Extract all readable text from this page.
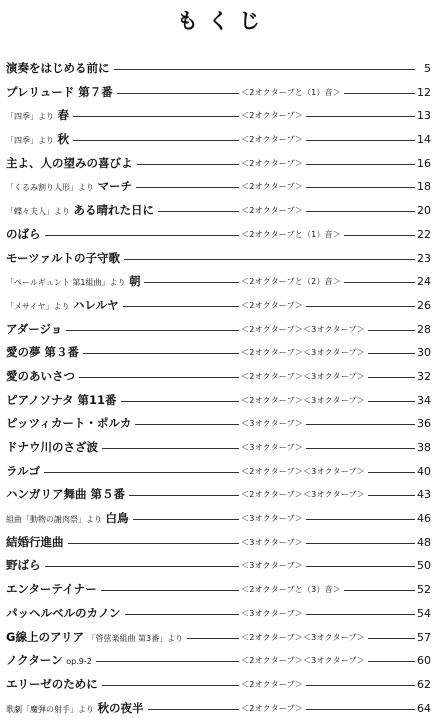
もくじ
演奏をはじめる前に	5
プレリュード 第７番	＜2オクターブと（1）音＞	12
「四季」より 春	＜2オクターブ＞	13
「四季」より 秋	＜2オクターブ＞	14
主よ、人の望みの喜びよ	＜2オクターブ＞	16
「くるみ割り人形」より マーチ	＜2オクターブ＞	18
「蝶々夫人」より ある晴れた日に	＜2オクターブ＞	20
のばら	＜2オクターブと（1）音＞	22
モーツァルトの子守歌	23
「ペールギュント 第1組曲」より 朝	＜2オクターブと（2）音＞	24
「メサイヤ」より ハレルヤ	＜2オクターブ＞	26
アダージョ	＜2オクターブ＞＜3オクターブ＞	28
愛の夢 第３番	＜2オクターブ＞＜3オクターブ＞	30
愛のあいさつ	＜2オクターブ＞＜3オクターブ＞	32
ピアノソナタ 第11番	＜2オクターブ＞＜3オクターブ＞	34
ピッツィカート・ポルカ	＜3オクターブ＞	36
ドナウ川のさざ波	＜3オクターブ＞	38
ラルゴ	＜2オクターブ＞＜3オクターブ＞	40
ハンガリア舞曲 第５番	＜2オクターブ＞＜3オクターブ＞	43
組曲「動物の謝肉祭」より 白鳥	＜3オクターブ＞	46
結婚行進曲	＜3オクターブ＞	48
野ばら	＜3オクターブ＞	50
エンターテイナー	＜2オクターブと（3）音＞	52
パッヘルベルのカノン	＜3オクターブ＞	54
G線上のアリア 「管弦楽組曲 第3番」より	＜2オクターブ＞＜3オクターブ＞	57
ノクターン op.9-2	＜2オクターブ＞＜3オクターブ＞	60
エリーゼのために	＜2オクターブ＞	62
歌劇「魔弾の射手」より 秋の夜半	＜2オクターブ＞	64
